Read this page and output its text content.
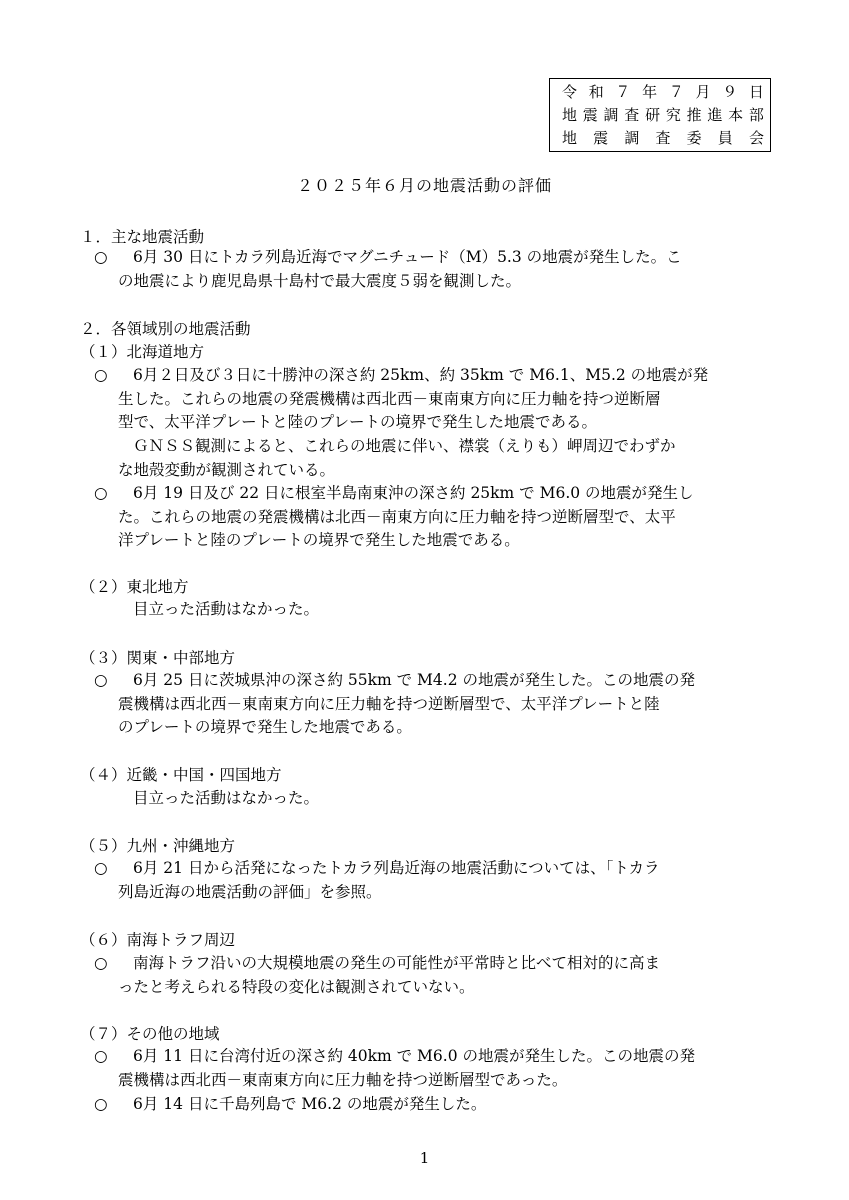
令 和 ７ 年 ７ 月 ９ 日
地 震 調 査 研 究 推 進 本 部
地 震 調 査 委 員 会
２０２５年６月の地震活動の評価
１．主な地震活動
○ 6月 30 日にトカラ列島近海でマグニチュード（M）5.3 の地震が発生した。こ
の地震により鹿児島県十島村で最大震度５弱を観測した。
２．各領域別の地震活動
（１）北海道地方
○ 6月２日及び３日に十勝沖の深さ約 25km、約 35km で M6.1、M5.2 の地震が発
生した。これらの地震の発震機構は西北西－東南東方向に圧力軸を持つ逆断層
型で、太平洋プレートと陸のプレートの境界で発生した地震である。
ＧＮＳＳ観測によると、これらの地震に伴い、襟裳（えりも）岬周辺でわずか
な地殻変動が観測されている。
○ 6月 19 日及び 22 日に根室半島南東沖の深さ約 25km で M6.0 の地震が発生し
た。これらの地震の発震機構は北西－南東方向に圧力軸を持つ逆断層型で、太平
洋プレートと陸のプレートの境界で発生した地震である。
（２）東北地方
目立った活動はなかった。
（３）関東・中部地方
○ 6月 25 日に茨城県沖の深さ約 55km で M4.2 の地震が発生した。この地震の発
震機構は西北西－東南東方向に圧力軸を持つ逆断層型で、太平洋プレートと陸
のプレートの境界で発生した地震である。
（４）近畿・中国・四国地方
目立った活動はなかった。
（５）九州・沖縄地方
○ 6月 21 日から活発になったトカラ列島近海の地震活動については、「トカラ
列島近海の地震活動の評価」を参照。
（６）南海トラフ周辺
○ 南海トラフ沿いの大規模地震の発生の可能性が平常時と比べて相対的に高ま
ったと考えられる特段の変化は観測されていない。
（７）その他の地域
○ 6月 11 日に台湾付近の深さ約 40km で M6.0 の地震が発生した。この地震の発
震機構は西北西－東南東方向に圧力軸を持つ逆断層型であった。
○ 6月 14 日に千島列島で M6.2 の地震が発生した。
1
